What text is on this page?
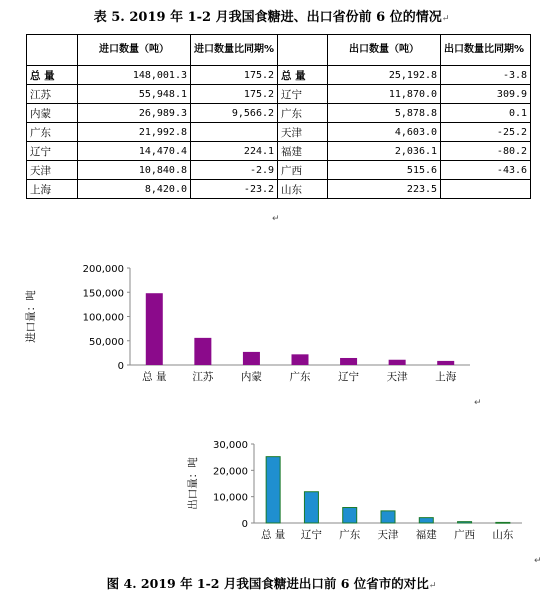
表 5. 2019 年 1-2 月我国食糖进、出口省份前 6 位的情况↵
	进口数量（吨）	进口数量比同期%		出口数量（吨）	出口数量比同期%
总 量	148,001.3	175.2	总 量	25,192.8	-3.8
江苏	55,948.1	175.2	辽宁	11,870.0	309.9
内蒙	26,989.3	9,566.2	广东	5,878.8	0.1
广东	21,992.8		天津	4,603.0	-25.2
辽宁	14,470.4	224.1	福建	2,036.1	-80.2
天津	10,840.8	-2.9	广西	515.6	-43.6
上海	8,420.0	-23.2	山东	223.5	
↵
0
50,000
100,000
150,000
200,000
总 量 江苏	内蒙	广东	辽宁	天津	上海
进口量：吨
0
10,000
20,000
30,000
总 量 辽宁 广东 天津 福建 广西 山东
出口量：吨
↵
↵
图 4. 2019 年 1-2 月我国食糖进出口前 6 位省市的对比↵
